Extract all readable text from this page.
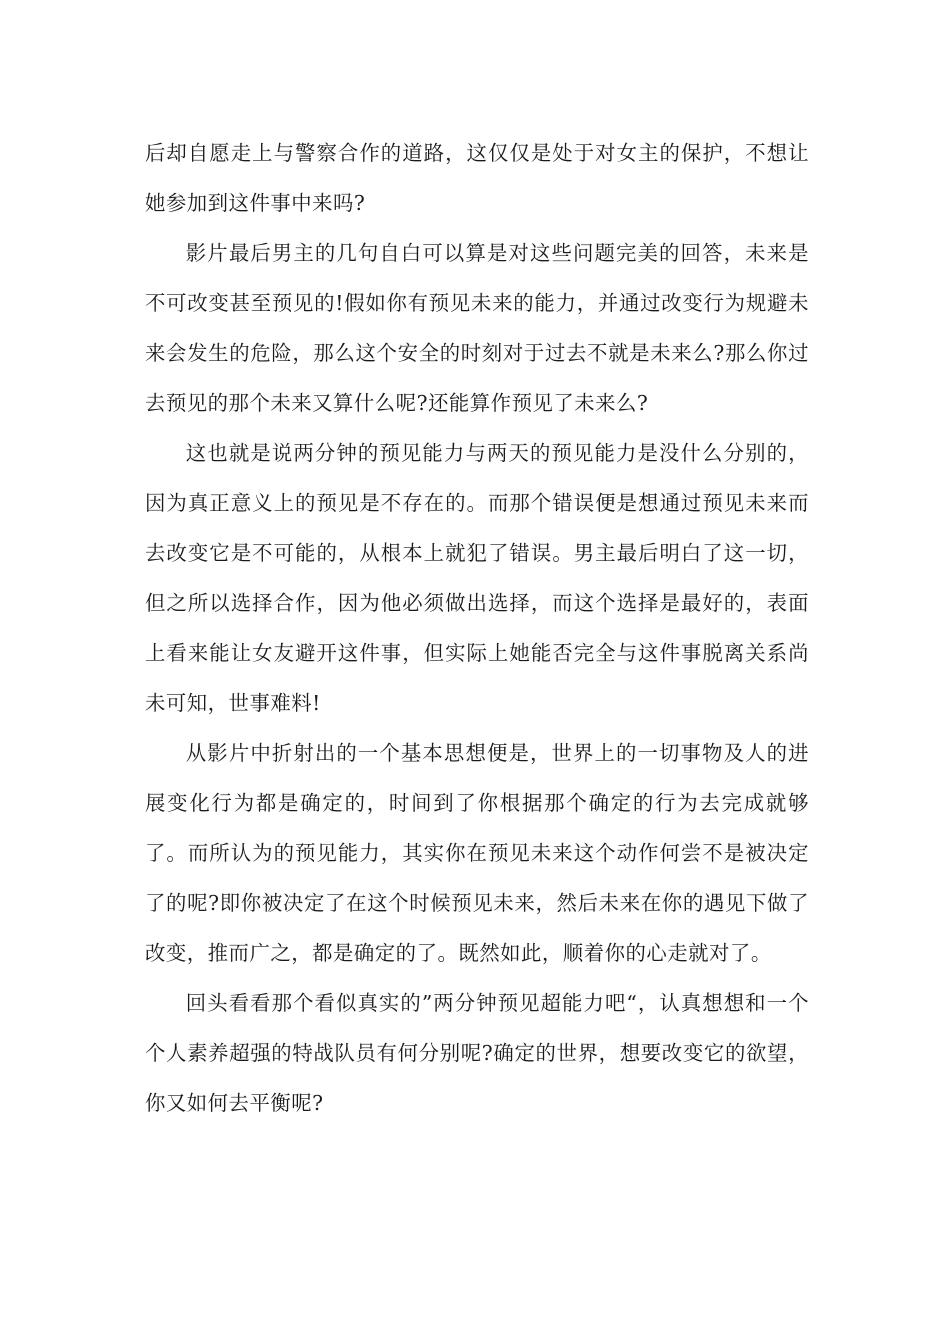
后却自愿走上与警察合作的道路，这仅仅是处于对女主的保护，不想让她参加到这件事中来吗?

影片最后男主的几句自白可以算是对这些问题完美的回答，未来是不可改变甚至预见的!假如你有预见未来的能力，并通过改变行为规避未来会发生的危险，那么这个安全的时刻对于过去不就是未来么?那么你过去预见的那个未来又算什么呢?还能算作预见了未来么?

这也就是说两分钟的预见能力与两天的预见能力是没什么分别的，因为真正意义上的预见是不存在的。而那个错误便是想通过预见未来而去改变它是不可能的，从根本上就犯了错误。男主最后明白了这一切，但之所以选择合作，因为他必须做出选择，而这个选择是最好的，表面上看来能让女友避开这件事，但实际上她能否完全与这件事脱离关系尚未可知，世事难料!

从影片中折射出的一个基本思想便是，世界上的一切事物及人的进展变化行为都是确定的，时间到了你根据那个确定的行为去完成就够了。而所认为的预见能力，其实你在预见未来这个动作何尝不是被决定了的呢?即你被决定了在这个时候预见未来，然后未来在你的遇见下做了改变，推而广之，都是确定的了。既然如此，顺着你的心走就对了。

回头看看那个看似真实的”两分钟预见超能力吧“，认真想想和一个个人素养超强的特战队员有何分别呢?确定的世界，想要改变它的欲望，你又如何去平衡呢?
